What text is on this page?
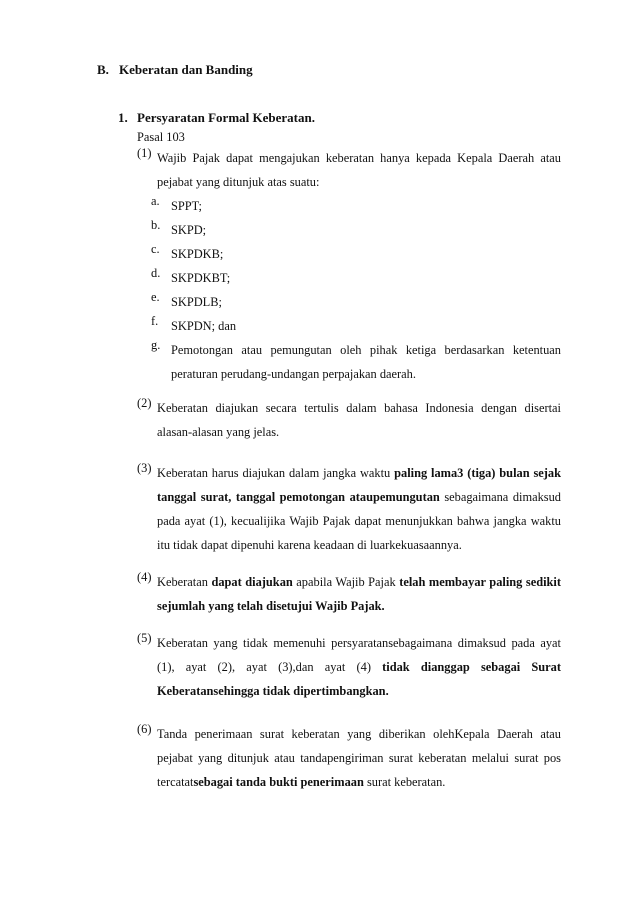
B. Keberatan dan Banding
1. Persyaratan Formal Keberatan.
Pasal 103
(1) Wajib Pajak dapat mengajukan keberatan hanya kepada Kepala Daerah atau pejabat yang ditunjuk atas suatu:
a. SPPT;
b. SKPD;
c. SKPDKB;
d. SKPDKBT;
e. SKPDLB;
f. SKPDN; dan
g. Pemotongan atau pemungutan oleh pihak ketiga berdasarkan ketentuan peraturan perudang-undangan perpajakan daerah.
(2) Keberatan diajukan secara tertulis dalam bahasa Indonesia dengan disertai alasan-alasan yang jelas.
(3) Keberatan harus diajukan dalam jangka waktu paling lama3 (tiga) bulan sejak tanggal surat, tanggal pemotongan ataupemungutan sebagaimana dimaksud pada ayat (1), kecualijika Wajib Pajak dapat menunjukkan bahwa jangka waktu itu tidak dapat dipenuhi karena keadaan di luarkekuasaannya.
(4) Keberatan dapat diajukan apabila Wajib Pajak telah membayar paling sedikit sejumlah yang telah disetujui Wajib Pajak.
(5) Keberatan yang tidak memenuhi persyaratansebagaimana dimaksud pada ayat (1), ayat (2), ayat (3),dan ayat (4) tidak dianggap sebagai Surat Keberatansehingga tidak dipertimbangkan.
(6) Tanda penerimaan surat keberatan yang diberikan olehKepala Daerah atau pejabat yang ditunjuk atau tandapengiriman surat keberatan melalui surat pos tercatatsebagai tanda bukti penerimaan surat keberatan.
